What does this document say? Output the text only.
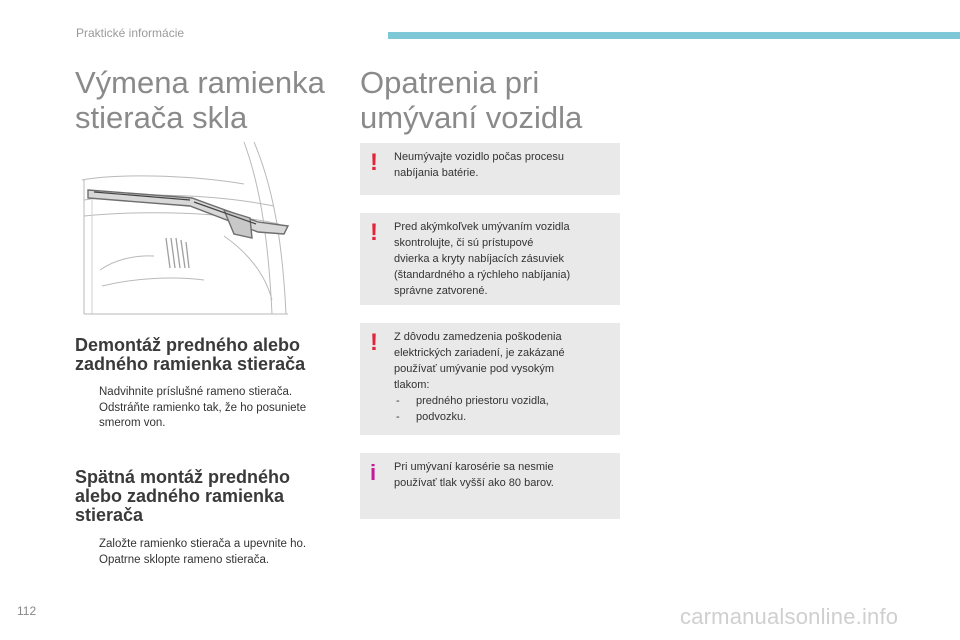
Praktické informácie
Výmena ramienka
stierača skla
Opatrenia pri
umývaní vozidla
Demontáž predného alebo
zadného ramienka stierača
Nadvihnite príslušné rameno stierača.
Odstráňte ramienko tak, že ho posuniete
smerom von.
Spätná montáž predného
alebo zadného ramienka
stierača
Založte ramienko stierača a upevnite ho.
Opatrne sklopte rameno stierača.
! Neumývajte vozidlo počas procesu
nabíjania batérie.
! Pred akýmkoľvek umývaním vozidla
skontrolujte, či sú prístupové
dvierka a kryty nabíjacích zásuviek
(štandardného a rýchleho nabíjania)
správne zatvorené.
! Z dôvodu zamedzenia poškodenia
elektrických zariadení, je zakázané
používať umývanie pod vysokým
tlakom:
- predného priestoru vozidla,
- podvozku.
i Pri umývaní karosérie sa nesmie
používať tlak vyšší ako 80 barov.
112	carmanualsonline.info
